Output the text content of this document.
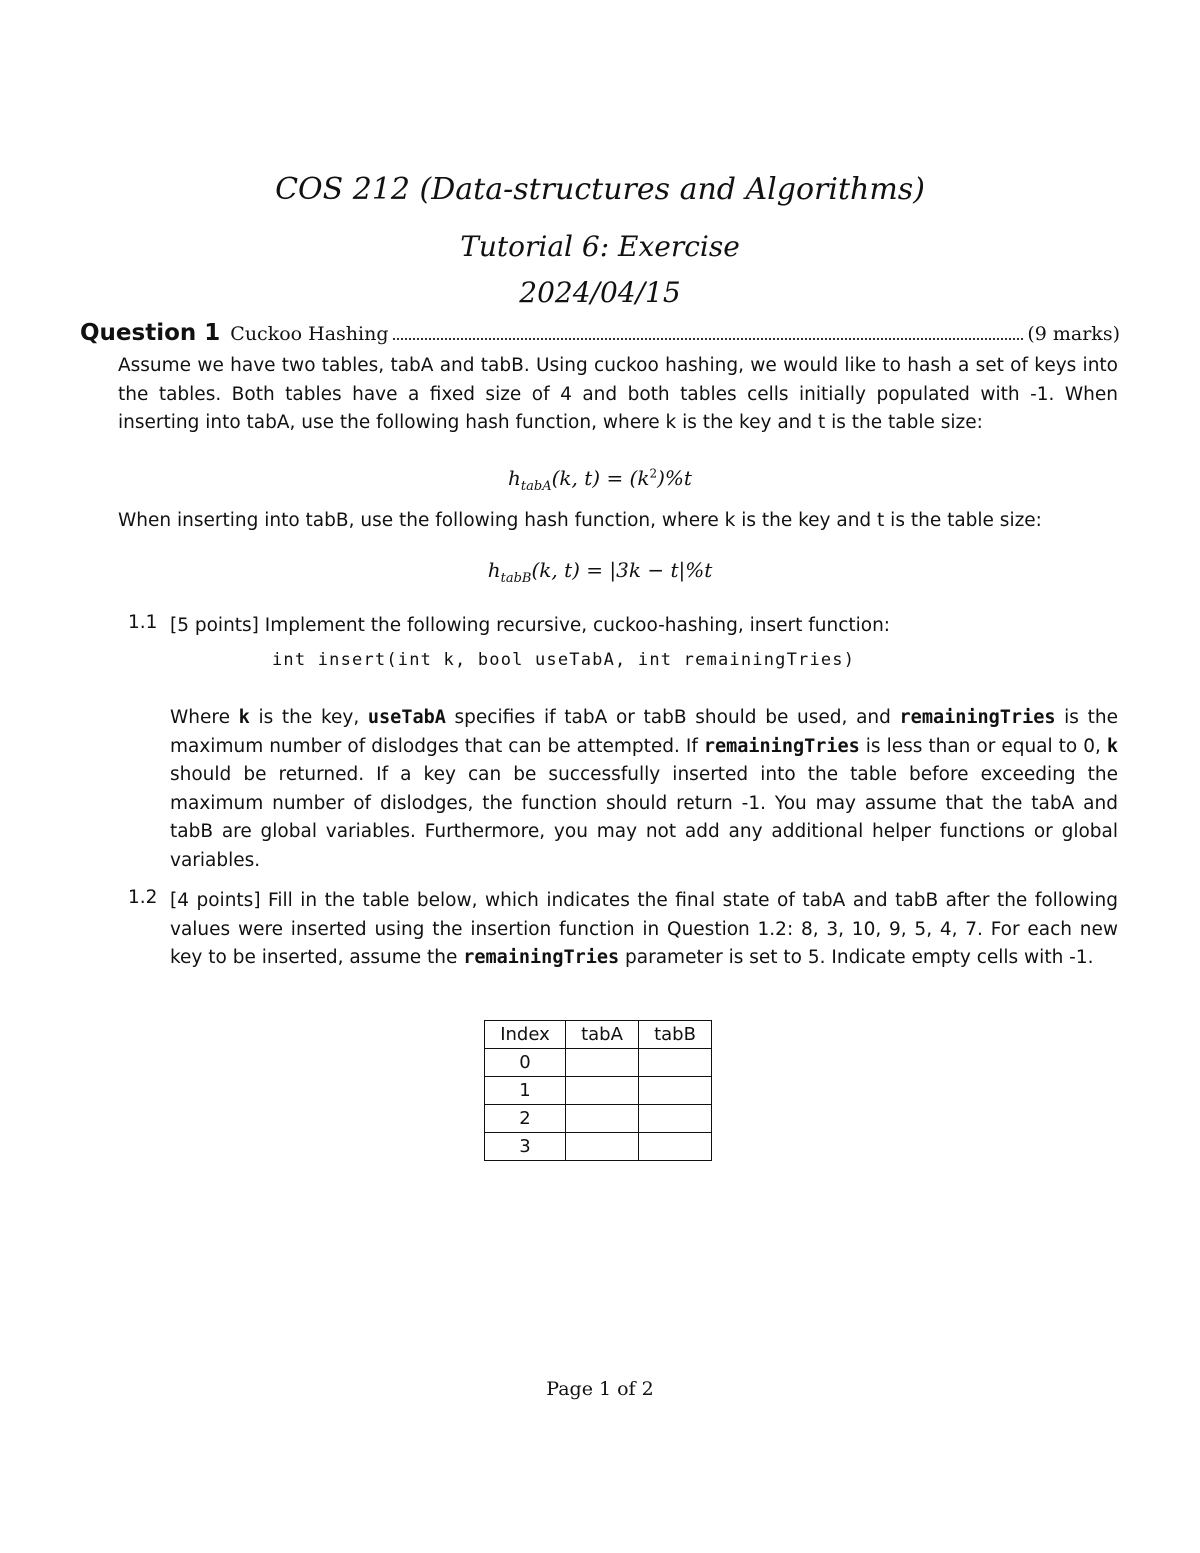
COS 212 (Data-structures and Algorithms)
Tutorial 6: Exercise
2024/04/15
Question 1 Cuckoo Hashing	(9 marks)
Assume we have two tables, tabA and tabB. Using cuckoo hashing, we would like to hash a set of keys into the tables. Both tables have a fixed size of 4 and both tables cells initially populated with -1. When inserting into tabA, use the following hash function, where k is the key and t is the table size:
$h_{tabA}(k$, $t) = (k^2)\%t$
When inserting into tabB, use the following hash function, where k is the key and t is the table size:
$h_{tabB}(k$, t) = |3k − t|%t
1.1 [5 points] Implement the following recursive, cuckoo-hashing, insert function:
int insert(int k, bool useTabA, int remainingTries)
Where k is the key, useTabA specifies if tabA or tabB should be used, and remainingTries is the maximum number of dislodges that can be attempted. If remainingTries is less than or equal to 0, k should be returned. If a key can be successfully inserted into the table before exceeding the maximum number of dislodges, the function should return -1. You may assume that the tabA and tabB are global variables. Furthermore, you may not add any additional helper functions or global variables.
1.2 [4 points] Fill in the table below, which indicates the final state of tabA and tabB after the following values were inserted using the insertion function in Question 1.2: 8, 3, 10, 9, 5, 4, 7. For each new key to be inserted, assume the remainingTries parameter is set to 5. Indicate empty cells with -1.
Index	tabA	tabB
0		
1		
2		
3		
Page 1 of 2
